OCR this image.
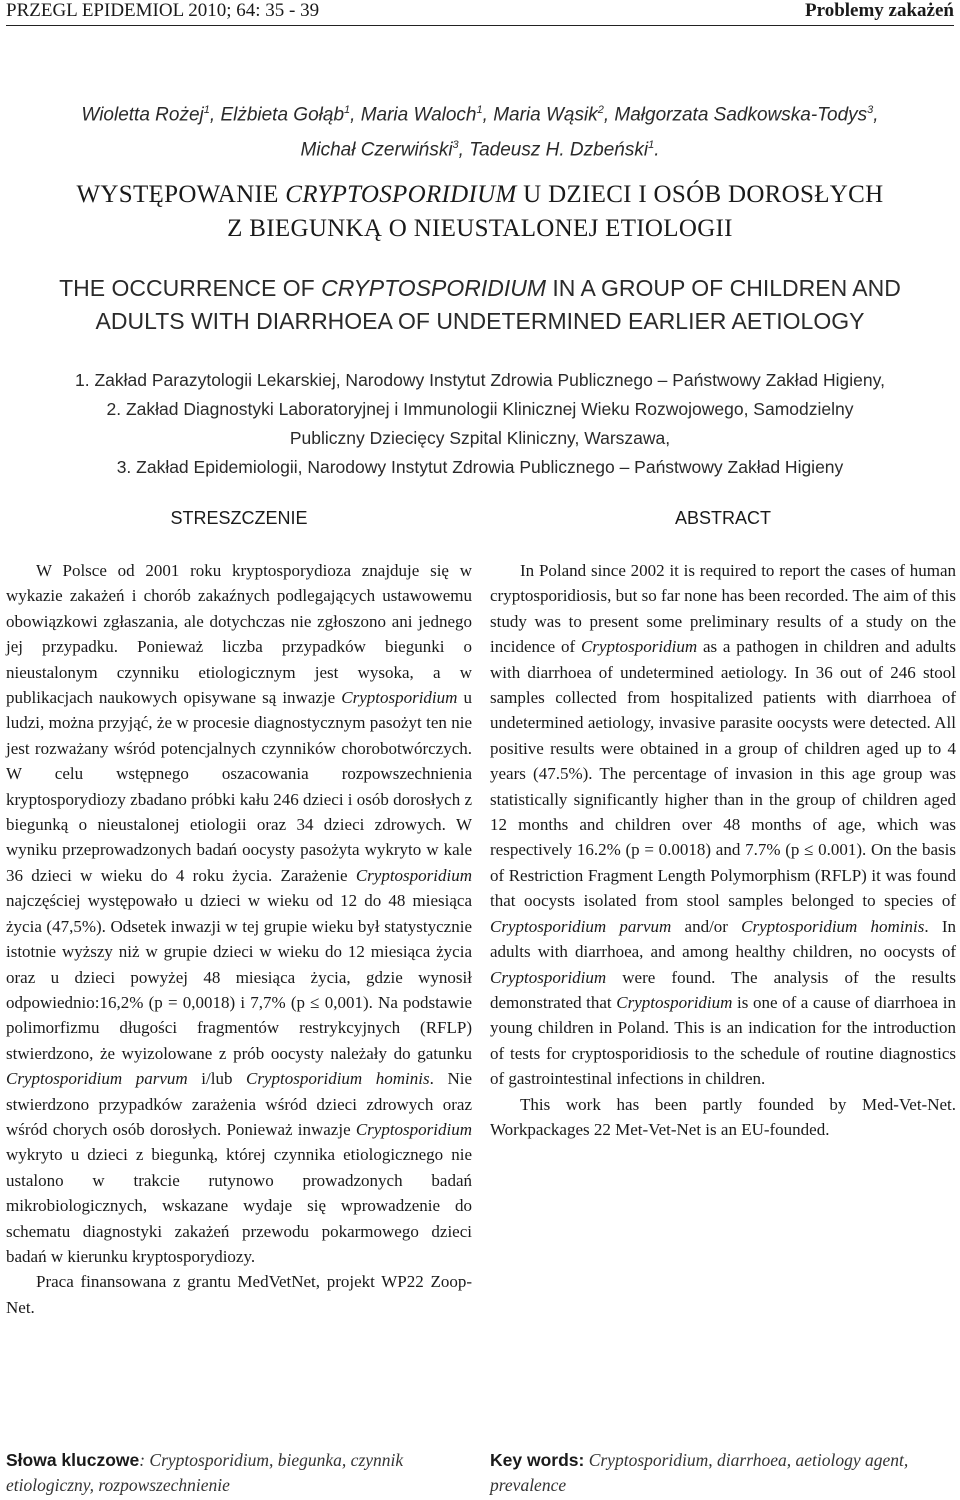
PRZEGL EPIDEMIOL 2010; 64: 35 - 39	Problemy zakażeń
Wioletta Rożej$^1$, Elżbieta Gołąb$^1$, Maria Waloch$^1$, Maria Wąsik$^2$, Małgorzata Sadkowska-Todys$^3$,
Michał Czerwiński$^3$, Tadeusz H. Dzbeński$^1$.
WYSTĘPOWANIE CRYPTOSPORIDIUM U DZIECI I OSÓB DOROSŁYCH
Z BIEGUNKĄ O NIEUSTALONEJ ETIOLOGII
THE OCCURRENCE OF CRYPTOSPORIDIUM IN A GROUP OF CHILDREN AND
ADULTS WITH DIARRHOEA OF UNDETERMINED EARLIER AETIOLOGY
1. Zakład Parazytologii Lekarskiej, Narodowy Instytut Zdrowia Publicznego – Państwowy Zakład Higieny,
2. Zakład Diagnostyki Laboratoryjnej i Immunologii Klinicznej Wieku Rozwojowego, Samodzielny
Publiczny Dziecięcy Szpital Kliniczny, Warszawa,
3. Zakład Epidemiologii, Narodowy Instytut Zdrowia Publicznego – Państwowy Zakład Higieny
STRESZCZENIE	ABSTRACT

W Polsce od 2001 roku kryptosporydioza znajduje się w wykazie zakażeń i chorób zakaźnych podlegających ustawowemu obowiązkowi zgłaszania, ale dotychczas nie zgłoszono ani jednego jej przypadku. Ponieważ liczba przypadków biegunki o nieustalonym czynniku etiologicznym jest wysoka, a w publikacjach naukowych opisywane są inwazje Cryptosporidium u ludzi, można przyjąć, że w procesie diagnostycznym pasożyt ten nie jest rozważany wśród potencjalnych czynników chorobotwórczych. W celu wstępnego oszacowania rozpowszechnienia kryptosporydiozy zbadano próbki kału 246 dzieci i osób dorosłych z biegunką o nieustalonej etiologii oraz 34 dzieci zdrowych. W wyniku przeprowadzonych badań oocysty pasożyta wykryto w kale 36 dzieci w wieku do 4 roku życia. Zarażenie Cryptosporidium najczęściej występowało u dzieci w wieku od 12 do 48 miesiąca życia (47,5%). Odsetek inwazji w tej grupie wieku był statystycznie istotnie wyższy niż w grupie dzieci w wieku do 12 miesiąca życia oraz u dzieci powyżej 48 miesiąca życia, gdzie wynosił odpowiednio:16,2% (p = 0,0018) i 7,7% (p ≤ 0,001). Na podstawie polimorfizmu długości fragmentów restrykcyjnych (RFLP) stwierdzono, że wyizolowane z prób oocysty należały do gatunku Cryptosporidium parvum i/lub Cryptosporidium hominis. Nie stwierdzono przypadków zarażenia wśród dzieci zdrowych oraz wśród chorych osób dorosłych. Ponieważ inwazje Cryptosporidium wykryto u dzieci z biegunką, której czynnika etiologicznego nie ustalono w trakcie rutynowo prowadzonych badań mikrobiologicznych, wskazane wydaje się wprowadzenie do schematu diagnostyki zakażeń przewodu pokarmowego dzieci badań w kierunku kryptosporydiozy.

Praca finansowana z grantu MedVetNet, projekt WP22 Zoop-Net.

In Poland since 2002 it is required to report the cases of human cryptosporidiosis, but so far none has been recorded. The aim of this study was to present some preliminary results of a study on the incidence of Cryptosporidium as a pathogen in children and adults with diarrhoea of undetermined aetiology. In 36 out of 246 stool samples collected from hospitalized patients with diarrhoea of undetermined aetiology, invasive parasite oocysts were detected. All positive results were obtained in a group of children aged up to 4 years (47.5%). The percentage of invasion in this age group was statistically significantly higher than in the group of children aged 12 months and children over 48 months of age, which was respectively 16.2% (p = 0.0018) and 7.7% (p ≤ 0.001). On the basis of Restriction Fragment Length Polymorphism (RFLP) it was found that oocysts isolated from stool samples belonged to species of Cryptosporidium parvum and/or Cryptosporidium hominis. In adults with diarrhoea, and among healthy children, no oocysts of Cryptosporidium were found. The analysis of the results demonstrated that Cryptosporidium is one of a cause of diarrhoea in young children in Poland. This is an indication for the introduction of tests for cryptosporidiosis to the schedule of routine diagnostics of gastrointestinal infections in children.

This work has been partly founded by Med-Vet-Net. Workpackages 22 Met-Vet-Net is an EU-founded.

Słowa kluczowe: Cryptosporidium, biegunka, czynnik etiologiczny, rozpowszechnienie
Key words: Cryptosporidium, diarrhoea, aetiology agent, prevalence
